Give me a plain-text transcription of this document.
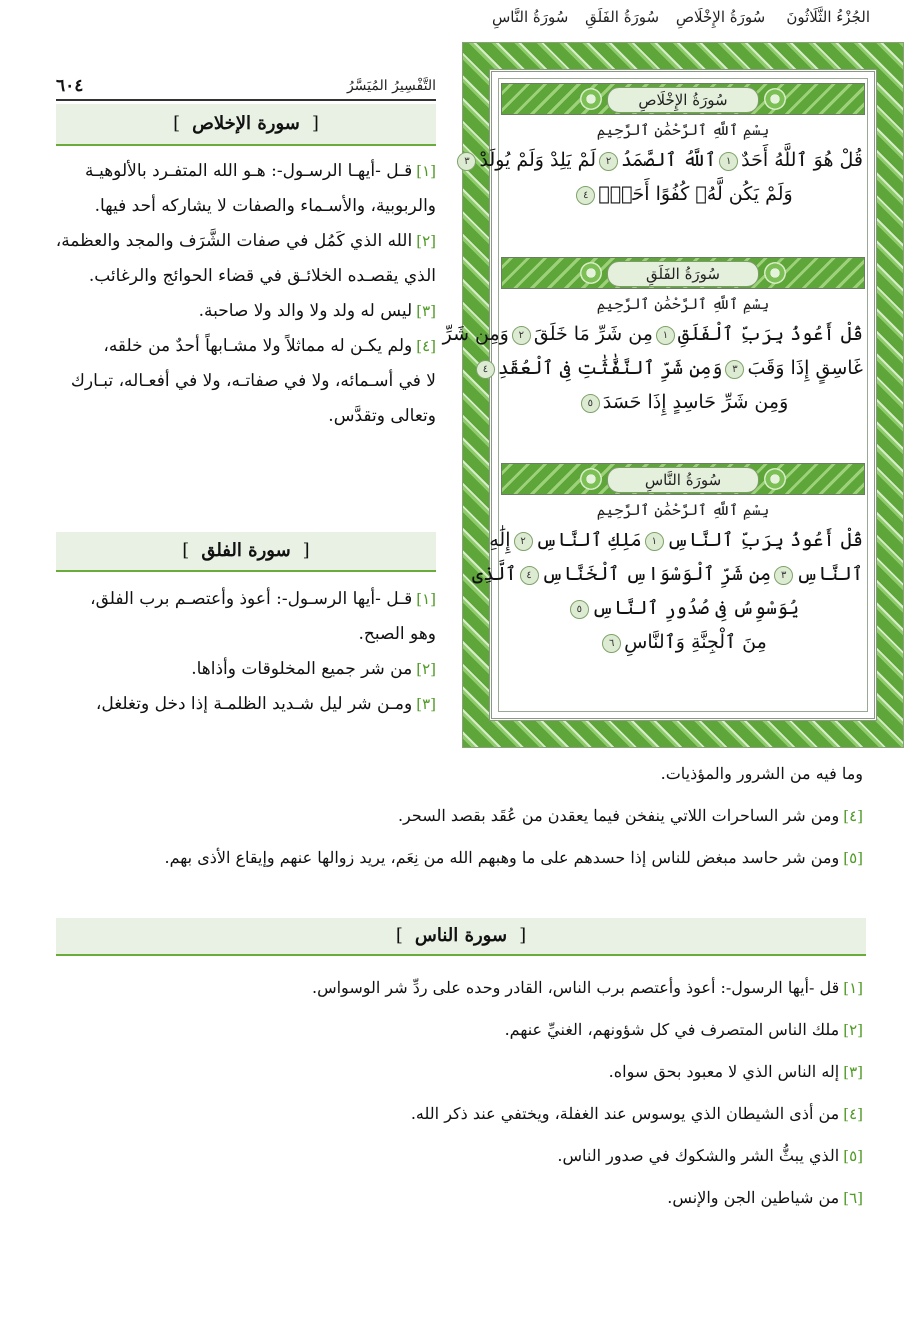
الجُزْءُ الثَّلَاثُونَ
سُورَةُ الإِخْلَاصِ سُورَةُ الفَلَقِ سُورَةُ النَّاسِ
التَّفْسِيرُ المُيَسَّرُ
٦٠٤
[سورة الإخلاص]
[١]قـل -أيهـا الرسـول-: هـو الله المتفـرد بالألوهيـة
والربوبية، والأسـماء والصفات لا يشاركه أحد فيها.
[٢]الله الذي كَمُل في صفات الشَّرَف والمجد والعظمة،
الذي يقصـده الخلائـق في قضاء الحوائج والرغائب.
[٣]ليس له ولد ولا والد ولا صاحبة.
[٤]ولم يكـن له مماثلاً ولا مشـابهاً أحدٌ من خلقه،
لا في أسـمائه، ولا في صفاتـه، ولا في أفعـاله، تبـارك
وتعالى وتقدَّس.
[سورة الفلق]
[١]قـل -أيها الرسـول-: أعوذ وأعتصـم برب الفلق،
وهو الصبح.
[٢]من شر جميع المخلوقات وأذاها.
[٣]ومـن شر ليل شـديد الظلمـة إذا دخل وتغلغل،
وما فيه من الشرور والمؤذيات.
[٤]ومن شر الساحرات اللاتي ينفخن فيما يعقدن من عُقَد بقصد السحر.
[٥]ومن شر حاسد مبغض للناس إذا حسدهم على ما وهبهم الله من نِعَم، يريد زوالها عنهم وإيقاع الأذى بهم.
[سورة الناس]
[١]قل -أيها الرسول-: أعوذ وأعتصم برب الناس، القادر وحده على ردِّ شر الوسواس.
[٢]ملك الناس المتصرف في كل شؤونهم، الغنيِّ عنهم.
[٣]إله الناس الذي لا معبود بحق سواه.
[٤]من أذى الشيطان الذي يوسوس عند الغفلة، ويختفي عند ذكر الله.
[٥]الذي يبثُّ الشر والشكوك في صدور الناس.
[٦]من شياطين الجن والإنس.
سُورَةُ الإِخْلَاصِ
بِسْمِ ٱللَّهِ ٱلرَّحْمَٰنِ ٱلرَّحِيمِ
قُلْ هُوَ ٱللَّهُ أَحَدٌ١ٱللَّهُ ٱلصَّمَدُ٢لَمْ يَلِدْ وَلَمْ يُولَدْ٣
وَلَمْ يَكُن لَّهُۥ كُفُوًا أَحَدٌۢ٤
سُورَةُ الفَلَقِ
بِسْمِ ٱللَّهِ ٱلرَّحْمَٰنِ ٱلرَّحِيمِ
قُلْ أَعُوذُ بِرَبِّ ٱلْفَلَقِ١مِن شَرِّ مَا خَلَقَ٢وَمِن شَرِّ
غَاسِقٍ إِذَا وَقَبَ٣وَمِن شَرِّ ٱلنَّفَّٰثَٰتِ فِى ٱلْعُقَدِ٤
وَمِن شَرِّ حَاسِدٍ إِذَا حَسَدَ٥
سُورَةُ النَّاسِ
بِسْمِ ٱللَّهِ ٱلرَّحْمَٰنِ ٱلرَّحِيمِ
قُلْ أَعُوذُ بِرَبِّ ٱلنَّاسِ١مَلِكِ ٱلنَّاسِ٢إِلَٰهِ
ٱلنَّاسِ٣مِن شَرِّ ٱلْوَسْوَاسِ ٱلْخَنَّاسِ٤ٱلَّذِى
يُوَسْوِسُ فِى صُدُورِ ٱلنَّاسِ٥
مِنَ ٱلْجِنَّةِ وَٱلنَّاسِ٦
